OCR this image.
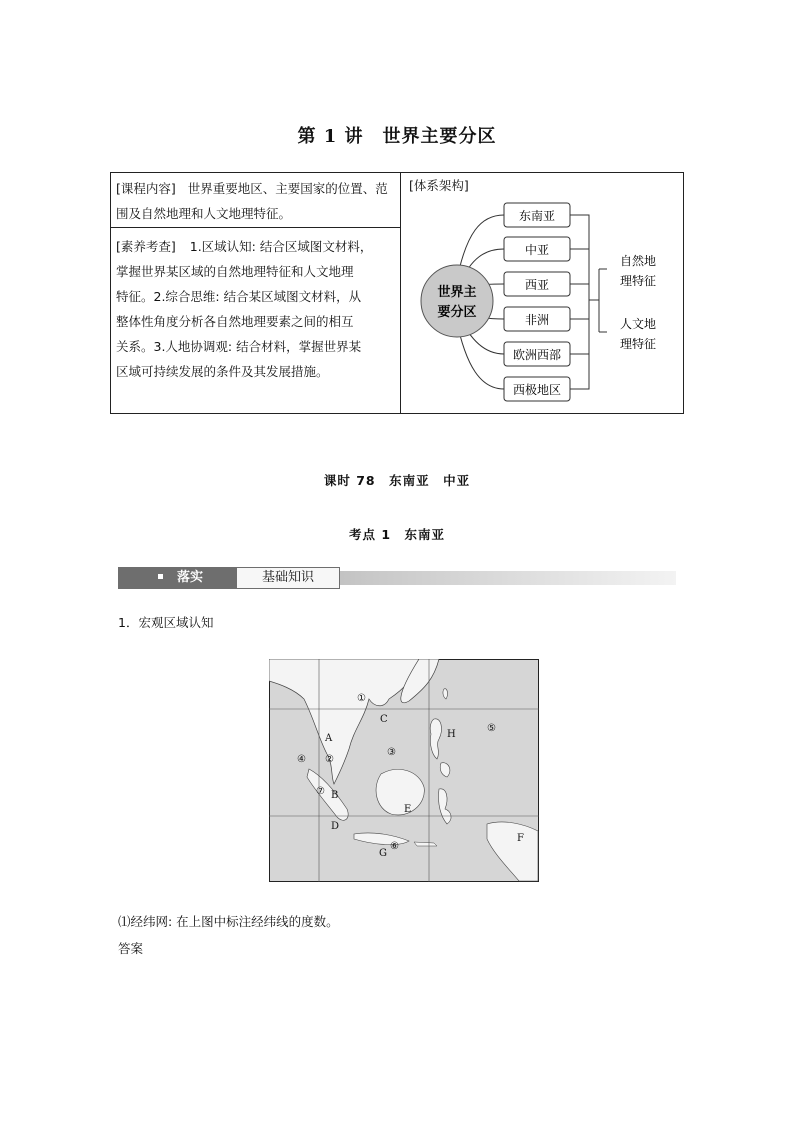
第 1 讲　世界主要分区
[课程内容] 世界重要地区、主要国家的位置、范围及自然地理和人文地理特征。
[素养考查] 1.区域认知: 结合区域图文材料，
掌握世界某区域的自然地理特征和人文地理
特征。2.综合思维: 结合某区域图文材料，从
整体性角度分析各自然地理要素之间的相互
关系。3.人地协调观: 结合材料，掌握世界某
区域可持续发展的条件及其发展措施。
[体系架构]
世界主
要分区
东南亚
中亚
西亚
非洲
欧洲西部
西极地区
自然地
理特征
人文地
理特征
课时 78　东南亚　中亚
考点 1　东南亚
落实	基础知识
1．宏观区域认知
①
②
③
④
⑤
⑥
⑦
A
B
C
D
E
F
G
H
⑴经纬网: 在上图中标注经纬线的度数。
答案
